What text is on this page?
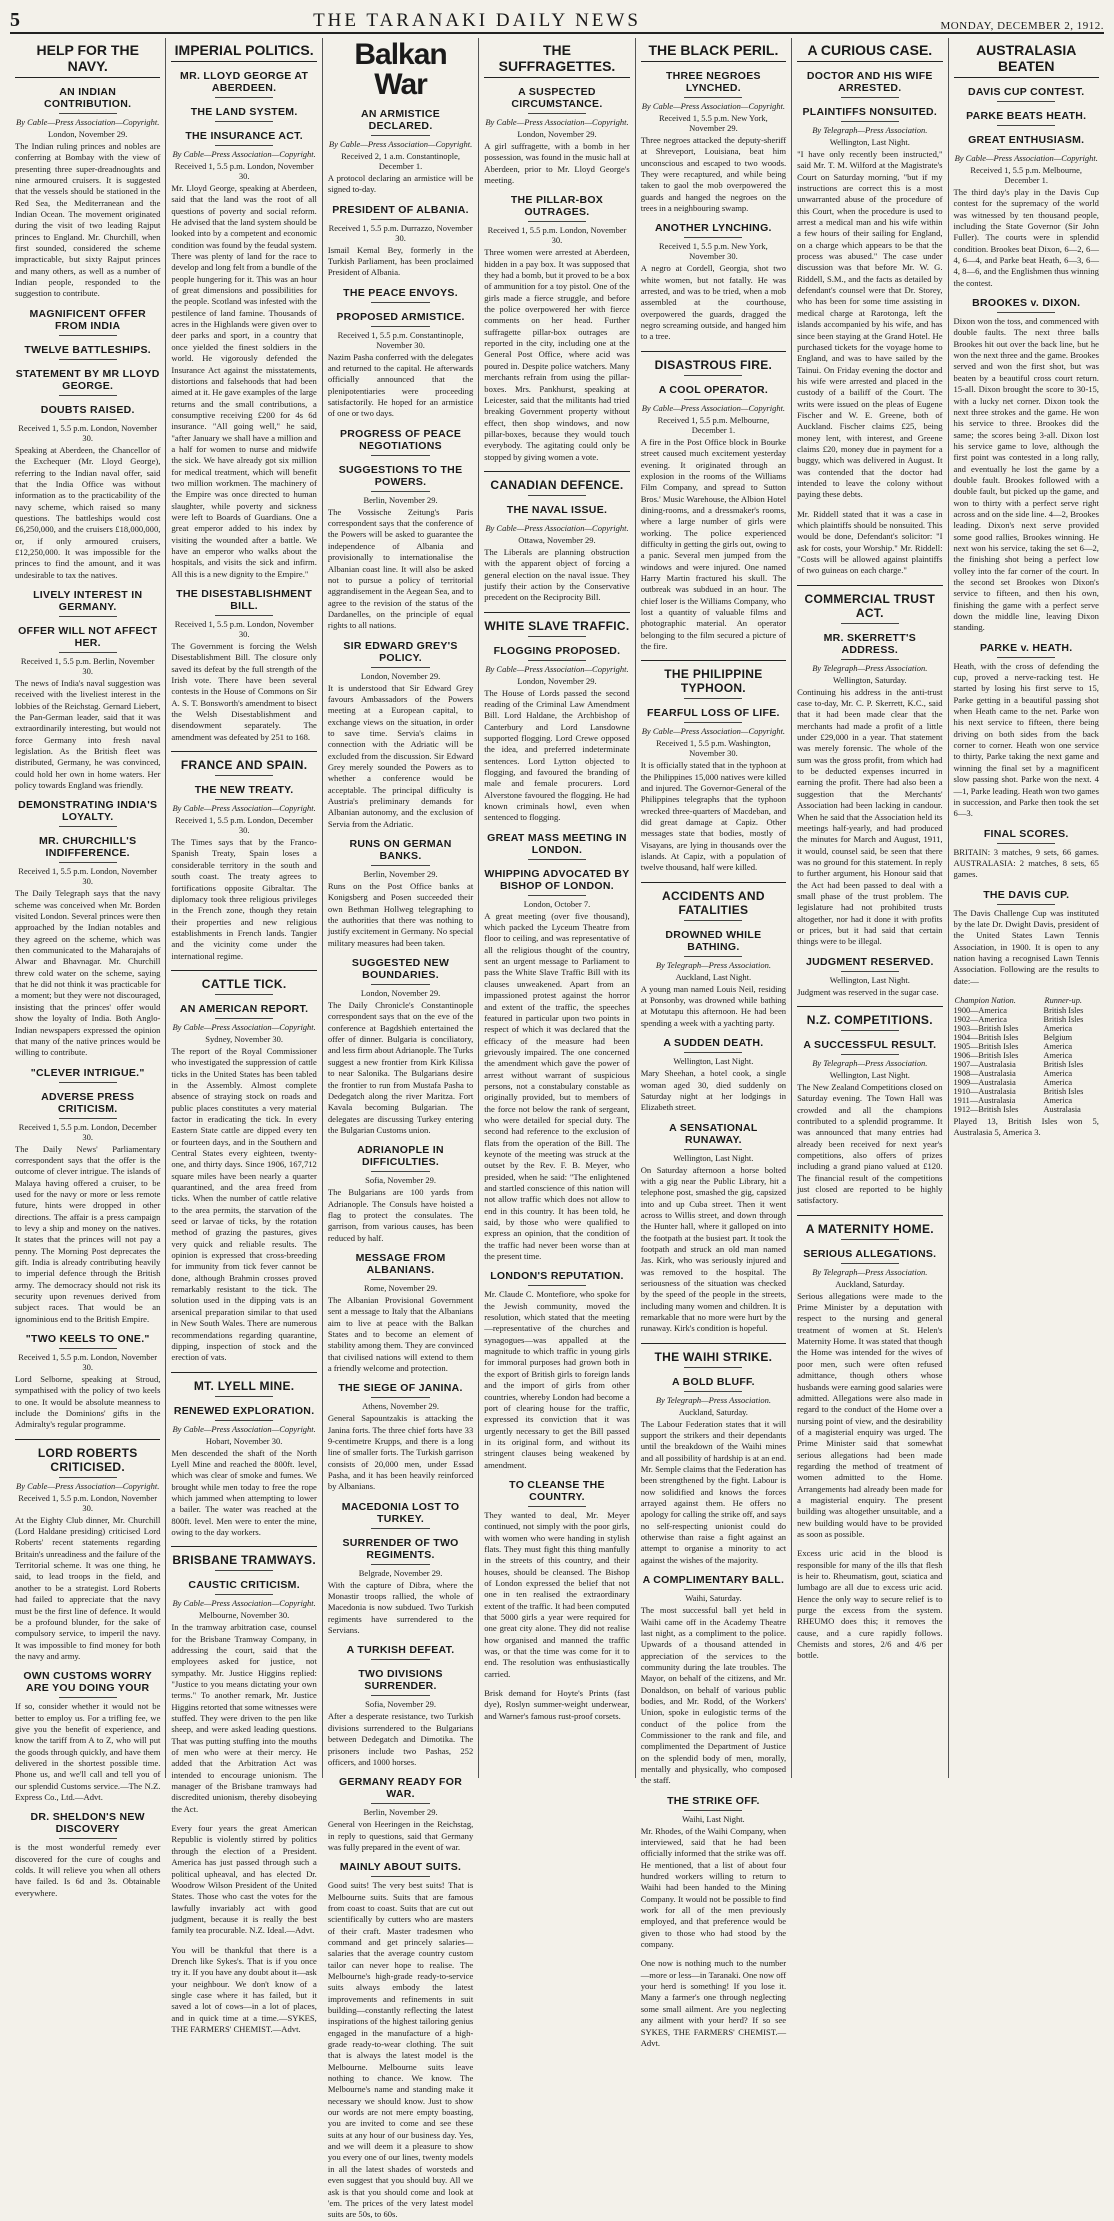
5	THE TARANAKI DAILY NEWS	MONDAY, DECEMBER 2, 1912.
HELP FOR THE NAVY.
AN INDIAN CONTRIBUTION.
By Cable—Press Association—Copyright.
London, November 29.
The Indian ruling princes and nobles are conferring at Bombay with the view of presenting three super-dreadnoughts and nine armoured cruisers. It is suggested that the vessels should be stationed in the Red Sea, the Mediterranean and the Indian Ocean. The movement originated during the visit of two leading Rajput princes to England. Mr. Churchill, when first sounded, considered the scheme impracticable, but sixty Rajput princes and many others, as well as a number of Indian people, responded to the suggestion to contribute.
MAGNIFICENT OFFER FROM INDIA
TWELVE BATTLESHIPS.
STATEMENT BY MR LLOYD GEORGE.
DOUBTS RAISED.
Received 1, 5.5 p.m. London, November 30.
Speaking at Aberdeen, the Chancellor of the Exchequer (Mr. Lloyd George), referring to the Indian naval offer, said that the India Office was without information as to the practicability of the navy scheme, which raised so many questions. The battleships would cost £6,250,000, and the cruisers £18,000,000, or, if only armoured cruisers, £12,250,000. It was impossible for the princes to find the amount, and it was undesirable to tax the natives.
LIVELY INTEREST IN GERMANY.
OFFER WILL NOT AFFECT HER.
Received 1, 5.5 p.m. Berlin, November 30.
The news of India's naval suggestion was received with the liveliest interest in the lobbies of the Reichstag. Gernard Liebert, the Pan-German leader, said that it was extraordinarily interesting, but would not force Germany into fresh naval legislation. As the British fleet was distributed, Germany, he was convinced, could hold her own in home waters. Her policy towards England was friendly.
DEMONSTRATING INDIA'S LOYALTY.
MR. CHURCHILL'S INDIFFERENCE.
Received 1, 5.5 p.m. London, November 30.
The Daily Telegraph says that the navy scheme was conceived when Mr. Borden visited London. Several princes were then approached by the Indian notables and they agreed on the scheme, which was then communicated to the Maharajahs of Alwar and Bhavnagar. Mr. Churchill threw cold water on the scheme, saying that he did not think it was practicable for a moment; but they were not discouraged, insisting that the princes' offer would show the loyalty of India. Both Anglo-Indian newspapers expressed the opinion that many of the native princes would be willing to contribute.
"CLEVER INTRIGUE."
ADVERSE PRESS CRITICISM.
Received 1, 5.5 p.m. London, December 30.
The Daily News' Parliamentary correspondent says that the offer is the outcome of clever intrigue. The islands of Malaya having offered a cruiser, to be used for the navy or more or less remote future, hints were dropped in other directions. The affair is a press campaign to levy a ship and money on the natives. It states that the princes will not pay a penny. The Morning Post deprecates the gift. India is already contributing heavily to imperial defence through the British army. The democracy should not risk its security upon revenues derived from subject races. That would be an ignominious end to the British Empire.
"TWO KEELS TO ONE."
Received 1, 5.5 p.m. London, November 30.
Lord Selborne, speaking at Stroud, sympathised with the policy of two keels to one. It would be absolute meanness to include the Dominions' gifts in the Admiralty's regular programme.
LORD ROBERTS CRITICISED.
By Cable—Press Association—Copyright.
Received 1, 5.5 p.m. London, November 30.
At the Eighty Club dinner, Mr. Churchill (Lord Haldane presiding) criticised Lord Roberts' recent statements regarding Britain's unreadiness and the failure of the Territorial scheme. It was one thing, he said, to lead troops in the field, and another to be a strategist. Lord Roberts had failed to appreciate that the navy must be the first line of defence. It would be a profound blunder, for the sake of compulsory service, to imperil the navy. It was impossible to find money for both the navy and army.
OWN CUSTOMS WORRY ARE YOU DOING YOUR
If so, consider whether it would not be better to employ us. For a trifling fee, we give you the benefit of experience, and know the tariff from A to Z, who will put the goods through quickly, and have them delivered in the shortest possible time. Phone us, and we'll call and tell you of our splendid Customs service.—The N.Z. Express Co., Ltd.—Advt.
DR. SHELDON'S NEW DISCOVERY
is the most wonderful remedy ever discovered for the cure of coughs and colds. It will relieve you when all others have failed. Is 6d and 3s. Obtainable everywhere.
IMPERIAL POLITICS.
MR. LLOYD GEORGE AT ABERDEEN.
THE LAND SYSTEM.
THE INSURANCE ACT.
By Cable—Press Association—Copyright.
Received 1, 5.5 p.m. London, November 30.
Mr. Lloyd George, speaking at Aberdeen, said that the land was the root of all questions of poverty and social reform. He advised that the land system should be looked into by a competent and economic condition was found by the feudal system. There was plenty of land for the race to develop and long felt from a bundle of the people hungering for it. This was an hour of great dimensions and possibilities for the people. Scotland was infested with the pestilence of land famine. Thousands of acres in the Highlands were given over to deer parks and sport, in a country that once yielded the finest soldiers in the world. He vigorously defended the Insurance Act against the misstatements, distortions and falsehoods that had been aimed at it. He gave examples of the large returns and the small contributions, a consumptive receiving £200 for 4s 6d insurance. "All going well," he said, "after January we shall have a million and a half for women to nurse and midwife the sick. We have already got six million for medical treatment, which will benefit two million workmen. The machinery of the Empire was once directed to human slaughter, while poverty and sickness were left to Boards of Guardians. One a great emperor added to his index by visiting the wounded after a battle. We have an emperor who walks about the hospitals, and visits the sick and infirm. All this is a new dignity to the Empire."
THE DISESTABLISHMENT BILL.
Received 1, 5.5 p.m. London, November 30.
The Government is forcing the Welsh Disestablishment Bill. The closure only saved its defeat by the full strength of the Irish vote. There have been several contests in the House of Commons on Sir A. S. T. Bonsworth's amendment to bisect the Welsh Disestablishment and disendowment separately. The amendment was defeated by 251 to 168.
FRANCE AND SPAIN.
THE NEW TREATY.
By Cable—Press Association—Copyright.
Received 1, 5.5 p.m. London, December 30.
The Times says that by the Franco-Spanish Treaty, Spain loses a considerable territory in the south and south coast. The treaty agrees to fortifications opposite Gibraltar. The diplomacy took three religious privileges in the French zone, though they retain their properties and new religious establishments in French lands. Tangier and the vicinity come under the international regime.
CATTLE TICK.
AN AMERICAN REPORT.
By Cable—Press Association—Copyright.
Sydney, November 30.
The report of the Royal Commissioner who investigated the suppression of cattle ticks in the United States has been tabled in the Assembly. Almost complete absence of straying stock on roads and public places constitutes a very material factor in eradicating the tick. In every Eastern State cattle are dipped every ten or fourteen days, and in the Southern and Central States every eighteen, twenty-one, and thirty days. Since 1906, 167,712 square miles have been nearly a quarter quarantined, and the area freed from ticks. When the number of cattle relative to the area permits, the starvation of the seed or larvae of ticks, by the rotation method of grazing the pastures, gives very quick and reliable results. The opinion is expressed that cross-breeding for immunity from tick fever cannot be done, although Brahmin crosses proved remarkably resistant to the tick. The solution used in the dipping vats is an arsenical preparation similar to that used in New South Wales. There are numerous recommendations regarding quarantine, dipping, inspection of stock and the erection of vats.
MT. LYELL MINE.
RENEWED EXPLORATION.
By Cable—Press Association—Copyright.
Hobart, November 30.
Men descended the shaft of the North Lyell Mine and reached the 800ft. level, which was clear of smoke and fumes. We brought while men today to free the rope which jammed when attempting to lower a bailer. The water was reached at the 800ft. level. Men were to enter the mine, owing to the day workers.
BRISBANE TRAMWAYS.
CAUSTIC CRITICISM.
By Cable—Press Association—Copyright.
Melbourne, November 30.
In the tramway arbitration case, counsel for the Brisbane Tramway Company, in addressing the court, said that the employees asked for justice, not sympathy. Mr. Justice Higgins replied: "Justice to you means dictating your own terms." To another remark, Mr. Justice Higgins retorted that some witnesses were stuffed. They were driven to the pen like sheep, and were asked leading questions. That was putting stuffing into the mouths of men who were at their mercy. He added that the Arbitration Act was intended to encourage unionism. The manager of the Brisbane tramways had discredited unionism, thereby disobeying the Act.
Every four years the great American Republic is violently stirred by politics through the election of a President. America has just passed through such a political upheaval, and has elected Dr. Woodrow Wilson President of the United States. Those who cast the votes for the lawfully invariably act with good judgment, because it is really the best family tea procurable. N.Z. Ideal.—Advt.
You will be thankful that there is a Drench like Sykes's. That is if you once try it. If you have any doubt about it—ask your neighbour. We don't know of a single case where it has failed, but it saved a lot of cows—in a lot of places, and in quick time at a time.—SYKES, THE FARMERS' CHEMIST.—Advt.
Balkan War
AN ARMISTICE DECLARED.
By Cable—Press Association—Copyright.
Received 2, 1 a.m. Constantinople, December 1.
A protocol declaring an armistice will be signed to-day.
PRESIDENT OF ALBANIA.
Received 1, 5.5 p.m. Durrazzo, November 30.
Ismail Kemal Bey, formerly in the Turkish Parliament, has been proclaimed President of Albania.
THE PEACE ENVOYS.
PROPOSED ARMISTICE.
Received 1, 5.5 p.m. Constantinople, November 30.
Nazim Pasha conferred with the delegates and returned to the capital. He afterwards officially announced that the plenipotentiaries were proceeding satisfactorily. He hoped for an armistice of one or two days.
PROGRESS OF PEACE NEGOTIATIONS
SUGGESTIONS TO THE POWERS.
Berlin, November 29.
The Vossische Zeitung's Paris correspondent says that the conference of the Powers will be asked to guarantee the independence of Albania and provisionally to internationalise the Albanian coast line. It will also be asked not to pursue a policy of territorial aggrandisement in the Aegean Sea, and to agree to the revision of the status of the Dardanelles, on the principle of equal rights to all nations.
SIR EDWARD GREY'S POLICY.
London, November 29.
It is understood that Sir Edward Grey favours Ambassadors of the Powers meeting at a European capital, to exchange views on the situation, in order to save time. Servia's claims in connection with the Adriatic will be excluded from the discussion. Sir Edward Grey merely sounded the Powers as to whether a conference would be acceptable. The principal difficulty is Austria's preliminary demands for Albanian autonomy, and the exclusion of Servia from the Adriatic.
RUNS ON GERMAN BANKS.
Berlin, November 29.
Runs on the Post Office banks at Konigsberg and Posen succeeded their own Bethman Hollweg telegraphing to the authorities that there was nothing to justify excitement in Germany. No special military measures had been taken.
SUGGESTED NEW BOUNDARIES.
London, November 29.
The Daily Chronicle's Constantinople correspondent says that on the eve of the conference at Bagdshieh entertained the offer of dinner. Bulgaria is conciliatory, and less firm about Adrianople. The Turks suggest a new frontier from Kirk Kilissa to near Salonika. The Bulgarians desire the frontier to run from Mustafa Pasha to Dedegatch along the river Maritza. Fort Kavala becoming Bulgarian. The delegates are discussing Turkey entering the Bulgarian Customs union.
ADRIANOPLE IN DIFFICULTIES.
Sofia, November 29.
The Bulgarians are 100 yards from Adrianople. The Consuls have hoisted a flag to protect the consulates. The garrison, from various causes, has been reduced by half.
MESSAGE FROM ALBANIANS.
Rome, November 29.
The Albanian Provisional Government sent a message to Italy that the Albanians aim to live at peace with the Balkan States and to become an element of stability among them. They are convinced that civilised nations will extend to them a friendly welcome and protection.
THE SIEGE OF JANINA.
Athens, November 29.
General Sapountzakis is attacking the Janina forts. The three chief forts have 33 9-centimetre Krupps, and there is a long line of smaller forts. The Turkish garrison consists of 20,000 men, under Essad Pasha, and it has been heavily reinforced by Albanians.
MACEDONIA LOST TO TURKEY.
SURRENDER OF TWO REGIMENTS.
Belgrade, November 29.
With the capture of Dibra, where the Monastir troops rallied, the whole of Macedonia is now subdued. Two Turkish regiments have surrendered to the Servians.
A TURKISH DEFEAT.
TWO DIVISIONS SURRENDER.
Sofia, November 29.
After a desperate resistance, two Turkish divisions surrendered to the Bulgarians between Dedegatch and Dimotika. The prisoners include two Pashas, 252 officers, and 1000 horses.
GERMANY READY FOR WAR.
Berlin, November 29.
General von Heeringen in the Reichstag, in reply to questions, said that Germany was fully prepared in the event of war.
MAINLY ABOUT SUITS.
Good suits! The very best suits! That is Melbourne suits. Suits that are famous from coast to coast. Suits that are cut out scientifically by cutters who are masters of their craft. Master tradesmen who command and get princely salaries—salaries that the average country custom tailor can never hope to realise. The Melbourne's high-grade ready-to-service suits always embody the latest improvements and refinements in suit building—constantly reflecting the latest inspirations of the highest tailoring genius engaged in the manufacture of a high-grade ready-to-wear clothing. The suit that is always the latest model is the Melbourne. Melbourne suits leave nothing to chance. We know. The Melbourne's name and standing make it necessary we should know. Just to show our words are not mere empty boasting, you are invited to come and see these suits at any hour of our business day. Yes, and we will deem it a pleasure to show you every one of our lines, twenty models in all the latest shades of worsteds and even suggest that you should buy. All we ask is that you should come and look at 'em. The prices of the very latest model suits are 50s, to 60s.
THE SUFFRAGETTES.
A SUSPECTED CIRCUMSTANCE.
By Cable—Press Association—Copyright.
London, November 29.
A girl suffragette, with a bomb in her possession, was found in the music hall at Aberdeen, prior to Mr. Lloyd George's meeting.
THE PILLAR-BOX OUTRAGES.
Received 1, 5.5 p.m. London, November 30.
Three women were arrested at Aberdeen, hidden in a pay box. It was supposed that they had a bomb, but it proved to be a box of ammunition for a toy pistol. One of the girls made a fierce struggle, and before the police overpowered her with fierce comments on her head. Further suffragette pillar-box outrages are reported in the city, including one at the General Post Office, where acid was poured in. Despite police watchers. Many merchants refrain from using the pillar-boxes. Mrs. Pankhurst, speaking at Leicester, said that the militants had tried breaking Government property without effect, then shop windows, and now pillar-boxes, because they would touch everybody. The agitating could only be stopped by giving women a vote.
CANADIAN DEFENCE.
THE NAVAL ISSUE.
By Cable—Press Association—Copyright.
Ottawa, November 29.
The Liberals are planning obstruction with the apparent object of forcing a general election on the naval issue. They justify their action by the Conservative precedent on the Reciprocity Bill.
WHITE SLAVE TRAFFIC.
FLOGGING PROPOSED.
By Cable—Press Association—Copyright.
London, November 29.
The House of Lords passed the second reading of the Criminal Law Amendment Bill. Lord Haldane, the Archbishop of Canterbury and Lord Lansdowne supported flogging. Lord Crewe opposed the idea, and preferred indeterminate sentences. Lord Lytton objected to flogging, and favoured the branding of male and female procurers. Lord Alverstone favoured the flogging. He had known criminals howl, even when sentenced to flogging.
GREAT MASS MEETING IN LONDON.
WHIPPING ADVOCATED BY BISHOP OF LONDON.
London, October 7.
A great meeting (over five thousand), which packed the Lyceum Theatre from floor to ceiling, and was representative of all the religious thought of the country, sent an urgent message to Parliament to pass the White Slave Traffic Bill with its clauses unweakened. Apart from an impassioned protest against the horror and extent of the traffic, the speeches featured in particular upon two points in respect of which it was declared that the efficacy of the measure had been grievously impaired. The one concerned the amendment which gave the power of arrest without warrant of suspicious persons, not a constabulary constable as originally provided, but to members of the force not below the rank of sergeant, who were detailed for special duty. The second had reference to the exclusion of flats from the operation of the Bill. The keynote of the meeting was struck at the outset by the Rev. F. B. Meyer, who presided, when he said: "The enlightened and startled conscience of this nation will not allow traffic which does not allow to end in this country. It has been told, he said, by those who were qualified to express an opinion, that the condition of the traffic had never been worse than at the present time.
LONDON'S REPUTATION.
Mr. Claude C. Montefiore, who spoke for the Jewish community, moved the resolution, which stated that the meeting—representative of the churches and synagogues—was appalled at the magnitude to which traffic in young girls for immoral purposes had grown both in the export of British girls to foreign lands and the import of girls from other countries, whereby London had become a port of clearing house for the traffic, expressed its conviction that it was urgently necessary to get the Bill passed in its original form, and without its stringent clauses being weakened by amendment.
TO CLEANSE THE COUNTRY.
They wanted to deal, Mr. Meyer continued, not simply with the poor girls, with women who were handing in stylish flats. They must fight this thing manfully in the streets of this country, and their houses, should be cleansed. The Bishop of London expressed the belief that not one in ten realised the extraordinary extent of the traffic. It had been computed that 5000 girls a year were required for one great city alone. They did not realise how organised and manned the traffic was, or that the time was come for it to end. The resolution was enthusiastically carried.
Brisk demand for Hoyte's Prints (fast dye), Roslyn summer-weight underwear, and Warner's famous rust-proof corsets.
THE BLACK PERIL.
THREE NEGROES LYNCHED.
By Cable—Press Association—Copyright.
Received 1, 5.5 p.m. New York, November 29.
Three negroes attacked the deputy-sheriff at Shreveport, Louisiana, beat him unconscious and escaped to two woods. They were recaptured, and while being taken to gaol the mob overpowered the guards and hanged the negroes on the trees in a neighbouring swamp.
ANOTHER LYNCHING.
Received 1, 5.5 p.m. New York, November 30.
A negro at Cordell, Georgia, shot two white women, but not fatally. He was arrested, and was to be tried, when a mob assembled at the courthouse, overpowered the guards, dragged the negro screaming outside, and hanged him to a tree.
DISASTROUS FIRE.
A COOL OPERATOR.
By Cable—Press Association—Copyright.
Received 1, 5.5 p.m. Melbourne, December 1.
A fire in the Post Office block in Bourke street caused much excitement yesterday evening. It originated through an explosion in the rooms of the Williams Film Company, and spread to Sutton Bros.' Music Warehouse, the Albion Hotel dining-rooms, and a dressmaker's rooms, where a large number of girls were working. The police experienced difficulty in getting the girls out, owing to a panic. Several men jumped from the windows and were injured. One named Harry Martin fractured his skull. The outbreak was subdued in an hour. The chief loser is the Williams Company, who lost a quantity of valuable films and photographic material. An operator belonging to the film secured a picture of the fire.
THE PHILIPPINE TYPHOON.
FEARFUL LOSS OF LIFE.
By Cable—Press Association—Copyright.
Received 1, 5.5 p.m. Washington, November 30.
It is officially stated that in the typhoon at the Philippines 15,000 natives were killed and injured. The Governor-General of the Philippines telegraphs that the typhoon wrecked three-quarters of Macdeban, and did great damage at Capiz. Other messages state that bodies, mostly of Visayans, are lying in thousands over the islands. At Capiz, with a population of twelve thousand, half were killed.
ACCIDENTS AND FATALITIES
DROWNED WHILE BATHING.
By Telegraph—Press Association.
Auckland, Last Night.
A young man named Louis Neil, residing at Ponsonby, was drowned while bathing at Motutapu this afternoon. He had been spending a week with a yachting party.
A SUDDEN DEATH.
Wellington, Last Night.
Mary Sheehan, a hotel cook, a single woman aged 30, died suddenly on Saturday night at her lodgings in Elizabeth street.
A SENSATIONAL RUNAWAY.
Wellington, Last Night.
On Saturday afternoon a horse bolted with a gig near the Public Library, hit a telephone post, smashed the gig, capsized into and up Cuba street. Then it went across to Willis street, and down through the Hunter hall, where it galloped on into the footpath at the busiest part. It took the footpath and struck an old man named Jas. Kirk, who was seriously injured and was removed to the hospital. The seriousness of the situation was checked by the speed of the people in the streets, including many women and children. It is remarkable that no more were hurt by the runaway. Kirk's condition is hopeful.
THE WAIHI STRIKE.
A BOLD BLUFF.
By Telegraph—Press Association.
Auckland, Saturday.
The Labour Federation states that it will support the strikers and their dependants until the breakdown of the Waihi mines and all possibility of hardship is at an end. Mr. Semple claims that the Federation has been strengthened by the fight. Labour is now solidified and knows the forces arrayed against them. He offers no apology for calling the strike off, and says no self-respecting unionist could do otherwise than raise a fight against an attempt to organise a minority to act against the wishes of the majority.
A COMPLIMENTARY BALL.
Waihi, Saturday.
The most successful ball yet held in Waihi came off in the Academy Theatre last night, as a compliment to the police. Upwards of a thousand attended in appreciation of the services to the community during the late troubles. The Mayor, on behalf of the citizens, and Mr. Donaldson, on behalf of various public bodies, and Mr. Rodd, of the Workers' Union, spoke in eulogistic terms of the conduct of the police from the Commissioner to the rank and file, and complimented the Department of Justice on the splendid body of men, morally, mentally and physically, who composed the staff.
THE STRIKE OFF.
Waihi, Last Night.
Mr. Rhodes, of the Waihi Company, when interviewed, said that he had been officially informed that the strike was off. He mentioned, that a list of about four hundred workers willing to return to Waihi had been handed to the Mining Company. It would not be possible to find work for all of the men previously employed, and that preference would be given to those who had stood by the company.
One now is nothing much to the number—more or less—in Taranaki. One now off your herd is something! If you lose it. Many a farmer's one through neglecting some small ailment. Are you neglecting any ailment with your herd? If so see SYKES, THE FARMERS' CHEMIST.—Advt.
A CURIOUS CASE.
DOCTOR AND HIS WIFE ARRESTED.
PLAINTIFFS NONSUITED.
By Telegraph—Press Association.
Wellington, Last Night.
"I have only recently been instructed," said Mr. T. M. Wilford at the Magistrate's Court on Saturday morning, "but if my instructions are correct this is a most unwarranted abuse of the procedure of this Court, when the procedure is used to arrest a medical man and his wife within a few hours of their sailing for England, on a charge which appears to be that the process was abused." The case under discussion was that before Mr. W. G. Riddell, S.M., and the facts as detailed by defendant's counsel were that Dr. Storey, who has been for some time assisting in medical charge at Rarotonga, left the islands accompanied by his wife, and has since been staying at the Grand Hotel. He purchased tickets for the voyage home to England, and was to have sailed by the Tainui. On Friday evening the doctor and his wife were arrested and placed in the custody of a bailiff of the Court. The writs were issued on the pleas of Eugene Fischer and W. E. Greene, both of Auckland. Fischer claims £25, being money lent, with interest, and Greene claims £20, money due in payment for a buggy, which was delivered in August. It was contended that the doctor had intended to leave the colony without paying these debts.
Mr. Riddell stated that it was a case in which plaintiffs should be nonsuited. This would be done, Defendant's solicitor: "I ask for costs, your Worship." Mr. Riddell: "Costs will be allowed against plaintiffs of two guineas on each charge."
COMMERCIAL TRUST ACT.
MR. SKERRETT'S ADDRESS.
By Telegraph—Press Association.
Wellington, Saturday.
Continuing his address in the anti-trust case to-day, Mr. C. P. Skerrett, K.C., said that it had been made clear that the merchants had made a profit of a little under £29,000 in a year. That statement was merely forensic. The whole of the sum was the gross profit, from which had to be deducted expenses incurred in earning the profit. There had also been a suggestion that the Merchants' Association had been lacking in candour. When he said that the Association held its meetings half-yearly, and had produced the minutes for March and August, 1911, it would, counsel said, be seen that there was no ground for this statement. In reply to further argument, his Honour said that the Act had been passed to deal with a small phase of the trust problem. The legislature had not prohibited trusts altogether, nor had it done it with profits or prices, but it had said that certain things were to be illegal.
JUDGMENT RESERVED.
Wellington, Last Night.
Judgment was reserved in the sugar case.
N.Z. COMPETITIONS.
A SUCCESSFUL RESULT.
By Telegraph—Press Association.
Wellington, Last Night.
The New Zealand Competitions closed on Saturday evening. The Town Hall was crowded and all the champions contributed to a splendid programme. It was announced that many entries had already been received for next year's competitions, also offers of prizes including a grand piano valued at £120. The financial result of the competitions just closed are reported to be highly satisfactory.
A MATERNITY HOME.
SERIOUS ALLEGATIONS.
By Telegraph—Press Association.
Auckland, Saturday.
Serious allegations were made to the Prime Minister by a deputation with respect to the nursing and general treatment of women at St. Helen's Maternity Home. It was stated that though the Home was intended for the wives of poor men, such were often refused admittance, though others whose husbands were earning good salaries were admitted. Allegations were also made in regard to the conduct of the Home over a nursing point of view, and the desirability of a magisterial enquiry was urged. The Prime Minister said that somewhat serious allegations had been made regarding the method of treatment of women admitted to the Home. Arrangements had already been made for a magisterial enquiry. The present building was altogether unsuitable, and a new building would have to be provided as soon as possible.
Excess uric acid in the blood is responsible for many of the ills that flesh is heir to. Rheumatism, gout, sciatica and lumbago are all due to excess uric acid. Hence the only way to secure relief is to purge the excess from the system. RHEUMO does this; it removes the cause, and a cure rapidly follows. Chemists and stores, 2/6 and 4/6 per bottle.
AUSTRALASIA BEATEN
DAVIS CUP CONTEST.
PARKE BEATS HEATH.
GREAT ENTHUSIASM.
By Cable—Press Association—Copyright.
Received 1, 5.5 p.m. Melbourne, December 1.
The third day's play in the Davis Cup contest for the supremacy of the world was witnessed by ten thousand people, including the State Governor (Sir John Fuller). The courts were in splendid condition. Brookes beat Dixon, 6—2, 6—4, 6—4, and Parke beat Heath, 6—3, 6—4, 8—6, and the Englishmen thus winning the contest.
BROOKES v. DIXON.
Dixon won the toss, and commenced with double faults. The next three balls Brookes hit out over the back line, but he won the next three and the game. Brookes served and won the first shot, but was beaten by a beautiful cross court return. 15-all. Dixon brought the score to 30-15, with a lucky net corner. Dixon took the next three strokes and the game. He won his service to three. Brookes did the same; the scores being 3-all. Dixon lost his service game to love, although the first point was contested in a long rally, and eventually he lost the game by a double fault. Brookes followed with a double fault, but picked up the game, and won to thirty with a perfect serve right across and on the side line. 4—2, Brookes leading. Dixon's next serve provided some good rallies, Brookes winning. He next won his service, taking the set 6—2, the finishing shot being a perfect low volley into the far corner of the court. In the second set Brookes won Dixon's service to fifteen, and then his own, finishing the game with a perfect serve down the middle line, leaving Dixon standing.
PARKE v. HEATH.
Heath, with the cross of defending the cup, proved a nerve-racking test. He started by losing his first serve to 15, Parke getting in a beautiful passing shot when Heath came to the net. Parke won his next service to fifteen, there being driving on both sides from the back corner to corner. Heath won one service to thirty, Parke taking the next game and winning the final set by a magnificent slow passing shot. Parke won the next. 4—1, Parke leading. Heath won two games in succession, and Parke then took the set 6—3.
FINAL SCORES.
BRITAIN: 3 matches, 9 sets, 66 games. AUSTRALASIA: 2 matches, 8 sets, 65 games.
THE DAVIS CUP.
The Davis Challenge Cup was instituted by the late Dr. Dwight Davis, president of the United States Lawn Tennis Association, in 1900. It is open to any nation having a recognised Lawn Tennis Association. Following are the results to date:—
Champion Nation.	Runner-up.
1900—America	British Isles
1902—America	British Isles
1903—British Isles	America
1904—British Isles	Belgium
1905—British Isles	America
1906—British Isles	America
1907—Australasia	British Isles
1908—Australasia	America
1909—Australasia	America
1910—Australasia	British Isles
1911—Australasia	America
1912—British Isles	Australasia
Played 13, British Isles won 5, Australasia 5, America 3.
